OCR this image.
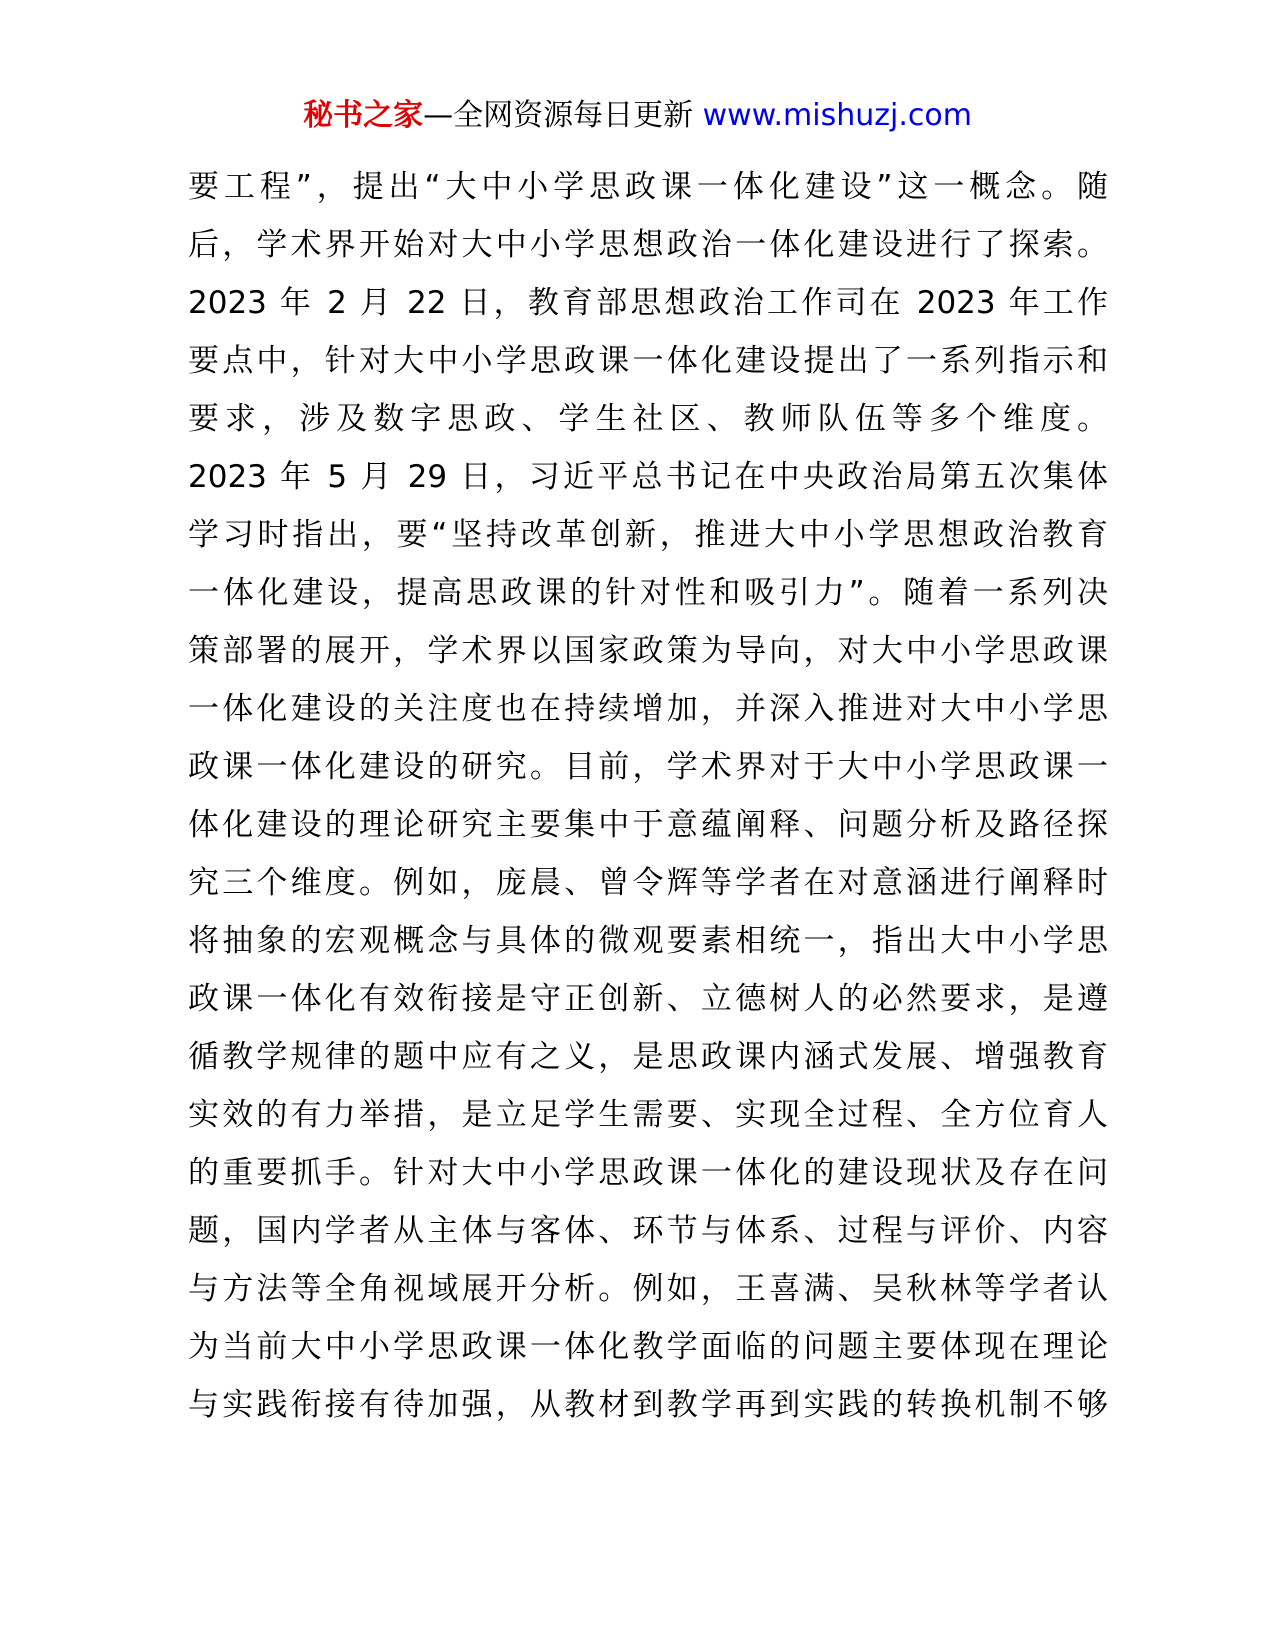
秘书之家—全网资源每日更新 www.mishuzj.com
要工程”，提出“大中小学思政课一体化建设”这一概念。随
后，学术界开始对大中小学思想政治一体化建设进行了探索。
2023 年 2 月 22 日，教育部思想政治工作司在 2023 年工作
要点中，针对大中小学思政课一体化建设提出了一系列指示和
要求，涉及数字思政、学生社区、教师队伍等多个维度。
2023 年 5 月 29 日，习近平总书记在中央政治局第五次集体
学习时指出，要“坚持改革创新，推进大中小学思想政治教育
一体化建设，提高思政课的针对性和吸引力”。随着一系列决
策部署的展开，学术界以国家政策为导向，对大中小学思政课
一体化建设的关注度也在持续增加，并深入推进对大中小学思
政课一体化建设的研究。目前，学术界对于大中小学思政课一
体化建设的理论研究主要集中于意蕴阐释、问题分析及路径探
究三个维度。例如，庞晨、曾令辉等学者在对意涵进行阐释时
将抽象的宏观概念与具体的微观要素相统一，指出大中小学思
政课一体化有效衔接是守正创新、立德树人的必然要求，是遵
循教学规律的题中应有之义，是思政课内涵式发展、增强教育
实效的有力举措，是立足学生需要、实现全过程、全方位育人
的重要抓手。针对大中小学思政课一体化的建设现状及存在问
题，国内学者从主体与客体、环节与体系、过程与评价、内容
与方法等全角视域展开分析。例如，王喜满、吴秋林等学者认
为当前大中小学思政课一体化教学面临的问题主要体现在理论
与实践衔接有待加强，从教材到教学再到实践的转换机制不够
